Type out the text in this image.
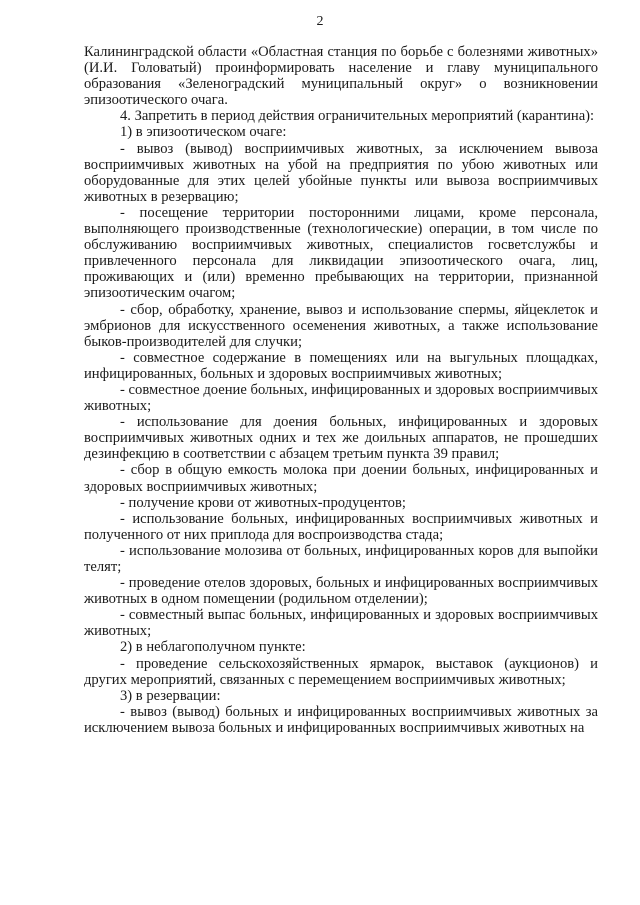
2

Калининградской области «Областная станция по борьбе с болезнями животных» (И.И. Головатый) проинформировать население и главу муниципального образования «Зеленоградский муниципальный округ» о возникновении эпизоотического очага.

4. Запретить в период действия ограничительных мероприятий (карантина):

1) в эпизоотическом очаге:

- вывоз (вывод) восприимчивых животных, за исключением вывоза восприимчивых животных на убой на предприятия по убою животных или оборудованные для этих целей убойные пункты или вывоза восприимчивых животных в резервацию;

- посещение территории посторонними лицами, кроме персонала, выполняющего производственные (технологические) операции, в том числе по обслуживанию восприимчивых животных, специалистов госветслужбы и привлеченного персонала для ликвидации эпизоотического очага, лиц, проживающих и (или) временно пребывающих на территории, признанной эпизоотическим очагом;

- сбор, обработку, хранение, вывоз и использование спермы, яйцеклеток и эмбрионов для искусственного осеменения животных, а также использование быков-производителей для случки;

- совместное содержание в помещениях или на выгульных площадках, инфицированных, больных и здоровых восприимчивых животных;

- совместное доение больных, инфицированных и здоровых восприимчивых животных;

- использование для доения больных, инфицированных и здоровых восприимчивых животных одних и тех же доильных аппаратов, не прошедших дезинфекцию в соответствии с абзацем третьим пункта 39 правил;

- сбор в общую емкость молока при доении больных, инфицированных и здоровых восприимчивых животных;

- получение крови от животных-продуцентов;

- использование больных, инфицированных восприимчивых животных и полученного от них приплода для воспроизводства стада;

- использование молозива от больных, инфицированных коров для выпойки телят;

- проведение отелов здоровых, больных и инфицированных восприимчивых животных в одном помещении (родильном отделении);

- совместный выпас больных, инфицированных и здоровых восприимчивых животных;

2) в неблагополучном пункте:

- проведение сельскохозяйственных ярмарок, выставок (аукционов) и других мероприятий, связанных с перемещением восприимчивых животных;

3) в резервации:

- вывоз (вывод) больных и инфицированных восприимчивых животных за исключением вывоза больных и инфицированных восприимчивых животных на
